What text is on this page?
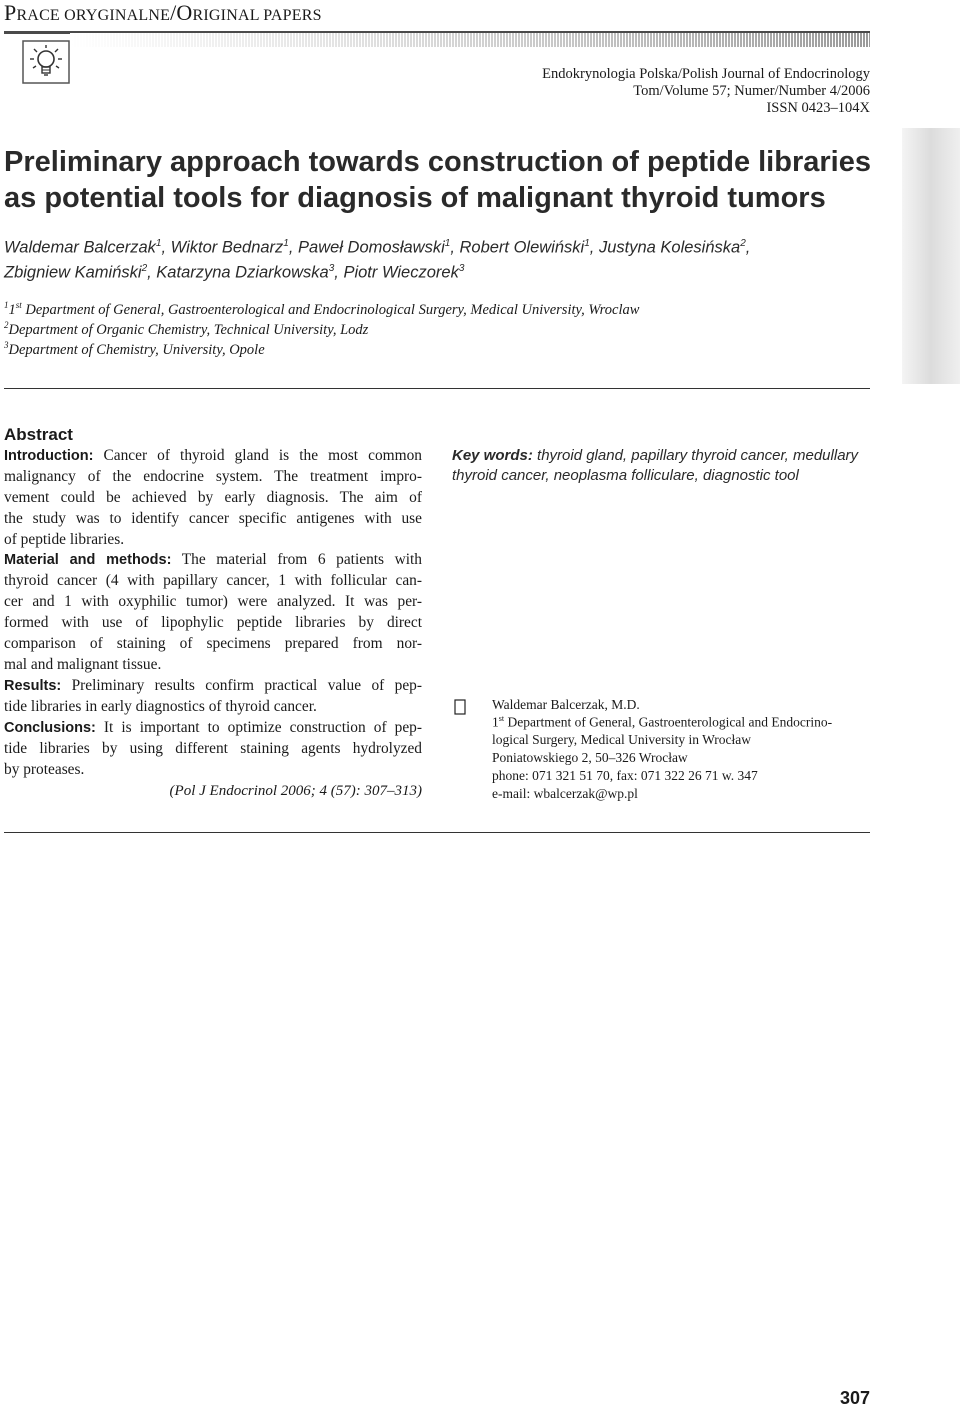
PRACE ORYGINALNE/ORIGINAL PAPERS
Endokrynologia Polska/Polish Journal of Endocrinology
Tom/Volume 57; Numer/Number 4/2006
ISSN 0423–104X
Preliminary approach towards construction of peptide libraries
as potential tools for diagnosis of malignant thyroid tumors
Waldemar Balcerzak$^1$, Wiktor Bednarz$^1$, Paweł Domosławski$^1$, Robert Olewiński$^1$, Justyna Kolesińska$^2$,
Zbigniew Kamiński$^2$, Katarzyna Dziarkowska$^3$, Piotr Wieczorek$^3$
$^1$1st Department of General, Gastroenterological and Endocrinological Surgery, Medical University, Wroclaw
$^2$Department of Organic Chemistry, Technical University, Lodz
$^3$Department of Chemistry, University, Opole
Abstract
Introduction: Cancer of thyroid gland is the most common
malignancy of the endocrine system. The treatment impro-
vement could be achieved by early diagnosis. The aim of
the study was to identify cancer specific antigenes with use
of peptide libraries.
Material and methods: The material from 6 patients with
thyroid cancer (4 with papillary cancer, 1 with follicular can-
cer and 1 with oxyphilic tumor) were analyzed. It was per-
formed with use of lipophylic peptide libraries by direct
comparison of staining of specimens prepared from nor-
mal and malignant tissue.
Results: Preliminary results confirm practical value of pep-
tide libraries in early diagnostics of thyroid cancer.
Conclusions: It is important to optimize construction of pep-
tide libraries by using different staining agents hydrolyzed
by proteases.
(Pol J Endocrinol 2006; 4 (57): 307–313)
Key words: thyroid gland, papillary thyroid cancer, medullary
thyroid cancer, neoplasma folliculare, diagnostic tool
Waldemar Balcerzak, M.D.
1st Department of General, Gastroenterological and Endocrino-
logical Surgery, Medical University in Wrocław
Poniatowskiego 2, 50–326 Wrocław
phone: 071 321 51 70, fax: 071 322 26 71 w. 347
e-mail: wbalcerzak@wp.pl
307
